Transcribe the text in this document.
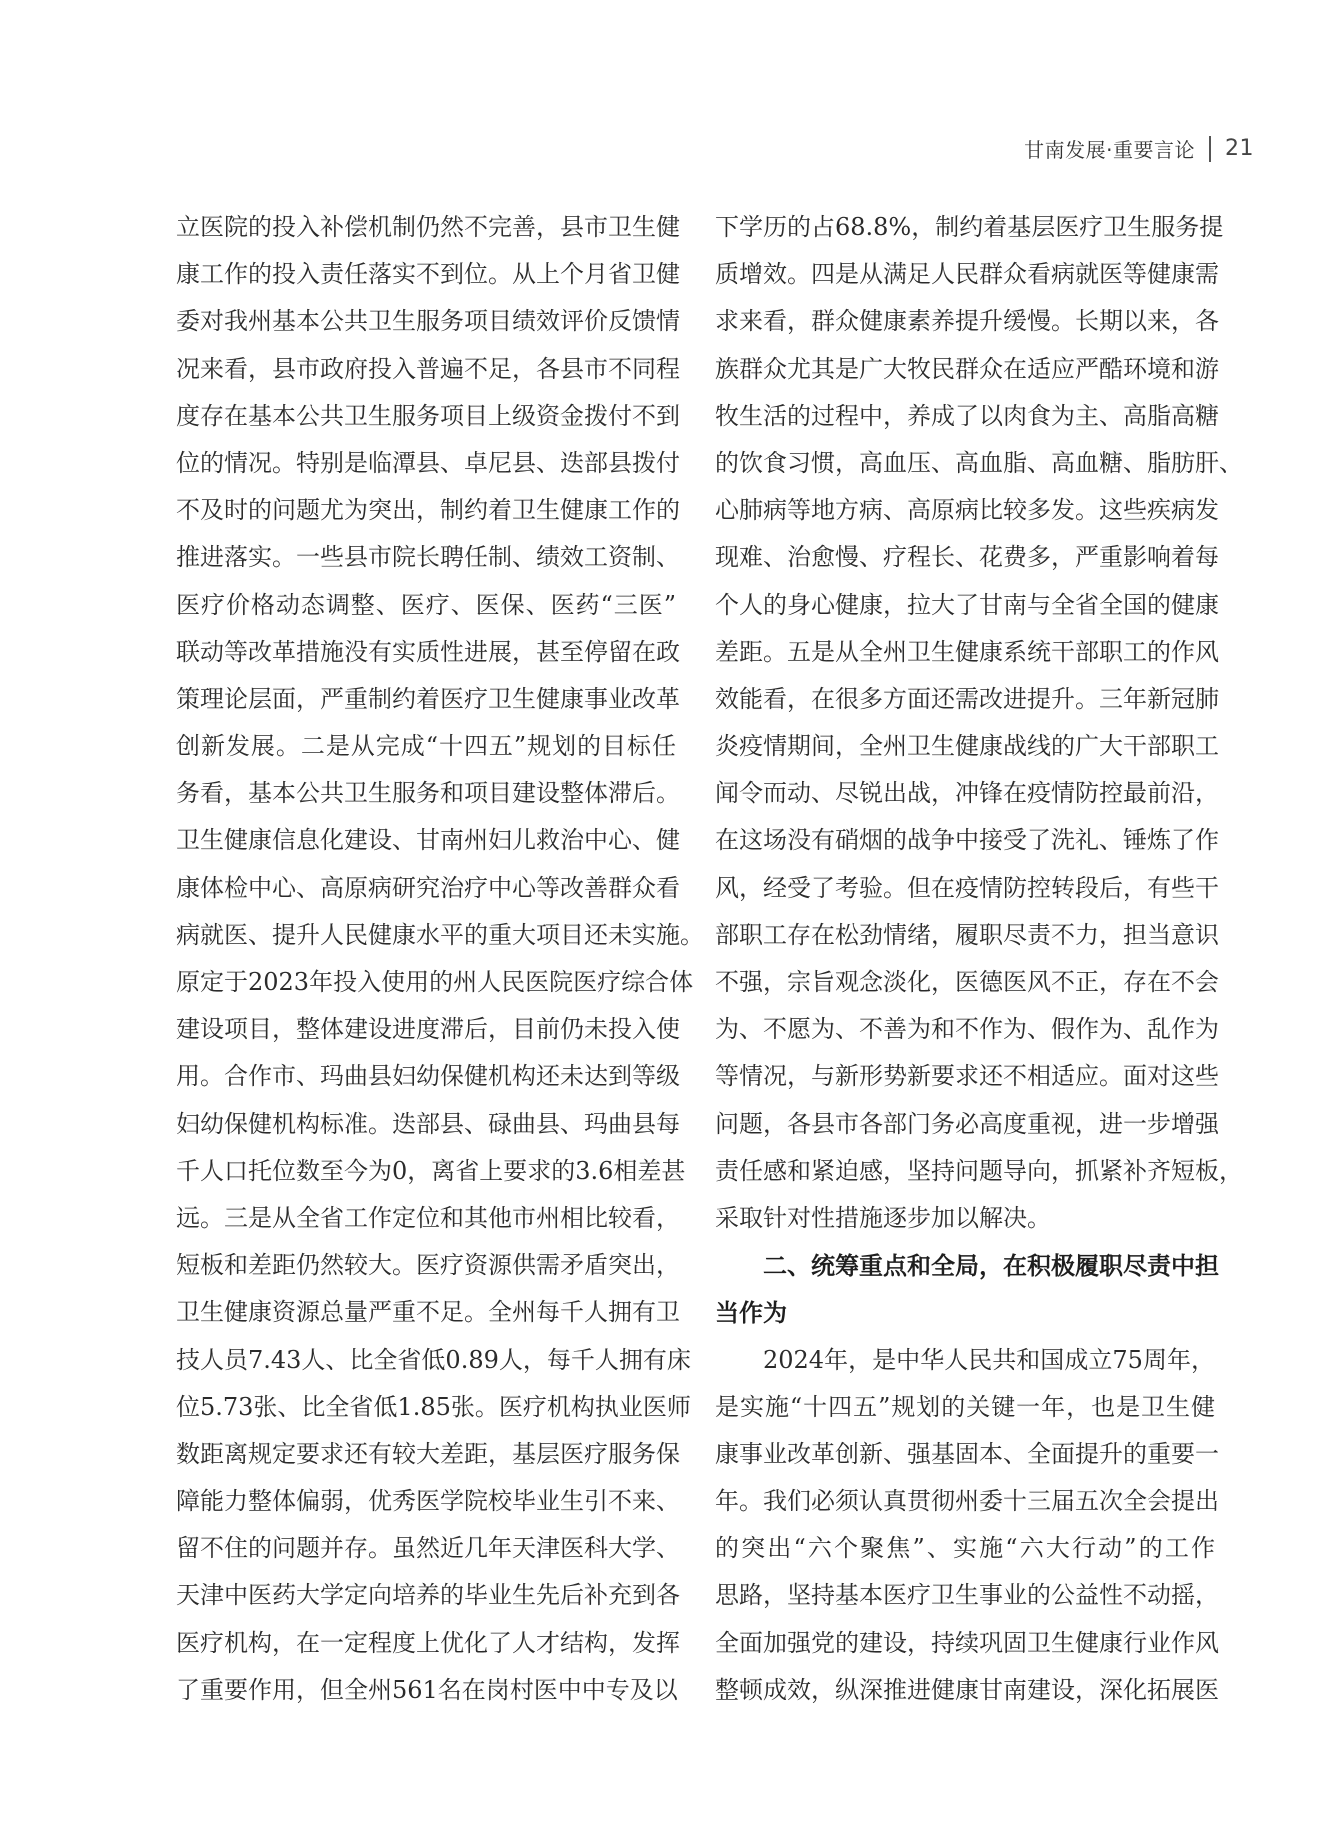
甘南发展·重要言论 21
立医院的投入补偿机制仍然不完善，县市卫生健
康工作的投入责任落实不到位。从上个月省卫健
委对我州基本公共卫生服务项目绩效评价反馈情
况来看，县市政府投入普遍不足，各县市不同程
度存在基本公共卫生服务项目上级资金拨付不到
位的情况。特别是临潭县、卓尼县、迭部县拨付
不及时的问题尤为突出，制约着卫生健康工作的
推进落实。一些县市院长聘任制、绩效工资制、
医疗价格动态调整、医疗、医保、医药“三医”
联动等改革措施没有实质性进展，甚至停留在政
策理论层面，严重制约着医疗卫生健康事业改革
创新发展。二是从完成“十四五”规划的目标任
务看，基本公共卫生服务和项目建设整体滞后。
卫生健康信息化建设、甘南州妇儿救治中心、健
康体检中心、高原病研究治疗中心等改善群众看
病就医、提升人民健康水平的重大项目还未实施。
原定于2023年投入使用的州人民医院医疗综合体
建设项目，整体建设进度滞后，目前仍未投入使
用。合作市、玛曲县妇幼保健机构还未达到等级
妇幼保健机构标准。迭部县、碌曲县、玛曲县每
千人口托位数至今为0，离省上要求的3.6相差甚
远。三是从全省工作定位和其他市州相比较看，
短板和差距仍然较大。医疗资源供需矛盾突出，
卫生健康资源总量严重不足。全州每千人拥有卫
技人员7.43人、比全省低0.89人，每千人拥有床
位5.73张、比全省低1.85张。医疗机构执业医师
数距离规定要求还有较大差距，基层医疗服务保
障能力整体偏弱，优秀医学院校毕业生引不来、
留不住的问题并存。虽然近几年天津医科大学、
天津中医药大学定向培养的毕业生先后补充到各
医疗机构，在一定程度上优化了人才结构，发挥
了重要作用，但全州561名在岗村医中中专及以
下学历的占68.8%，制约着基层医疗卫生服务提
质增效。四是从满足人民群众看病就医等健康需
求来看，群众健康素养提升缓慢。长期以来，各
族群众尤其是广大牧民群众在适应严酷环境和游
牧生活的过程中，养成了以肉食为主、高脂高糖
的饮食习惯，高血压、高血脂、高血糖、脂肪肝、
心肺病等地方病、高原病比较多发。这些疾病发
现难、治愈慢、疗程长、花费多，严重影响着每
个人的身心健康，拉大了甘南与全省全国的健康
差距。五是从全州卫生健康系统干部职工的作风
效能看，在很多方面还需改进提升。三年新冠肺
炎疫情期间，全州卫生健康战线的广大干部职工
闻令而动、尽锐出战，冲锋在疫情防控最前沿，
在这场没有硝烟的战争中接受了洗礼、锤炼了作
风，经受了考验。但在疫情防控转段后，有些干
部职工存在松劲情绪，履职尽责不力，担当意识
不强，宗旨观念淡化，医德医风不正，存在不会
为、不愿为、不善为和不作为、假作为、乱作为
等情况，与新形势新要求还不相适应。面对这些
问题，各县市各部门务必高度重视，进一步增强
责任感和紧迫感，坚持问题导向，抓紧补齐短板，
采取针对性措施逐步加以解决。
二、统筹重点和全局，在积极履职尽责中担
当作为
2024年，是中华人民共和国成立75周年，
是实施“十四五”规划的关键一年，也是卫生健
康事业改革创新、强基固本、全面提升的重要一
年。我们必须认真贯彻州委十三届五次全会提出
的突出“六个聚焦”、实施“六大行动”的工作
思路，坚持基本医疗卫生事业的公益性不动摇，
全面加强党的建设，持续巩固卫生健康行业作风
整顿成效，纵深推进健康甘南建设，深化拓展医
